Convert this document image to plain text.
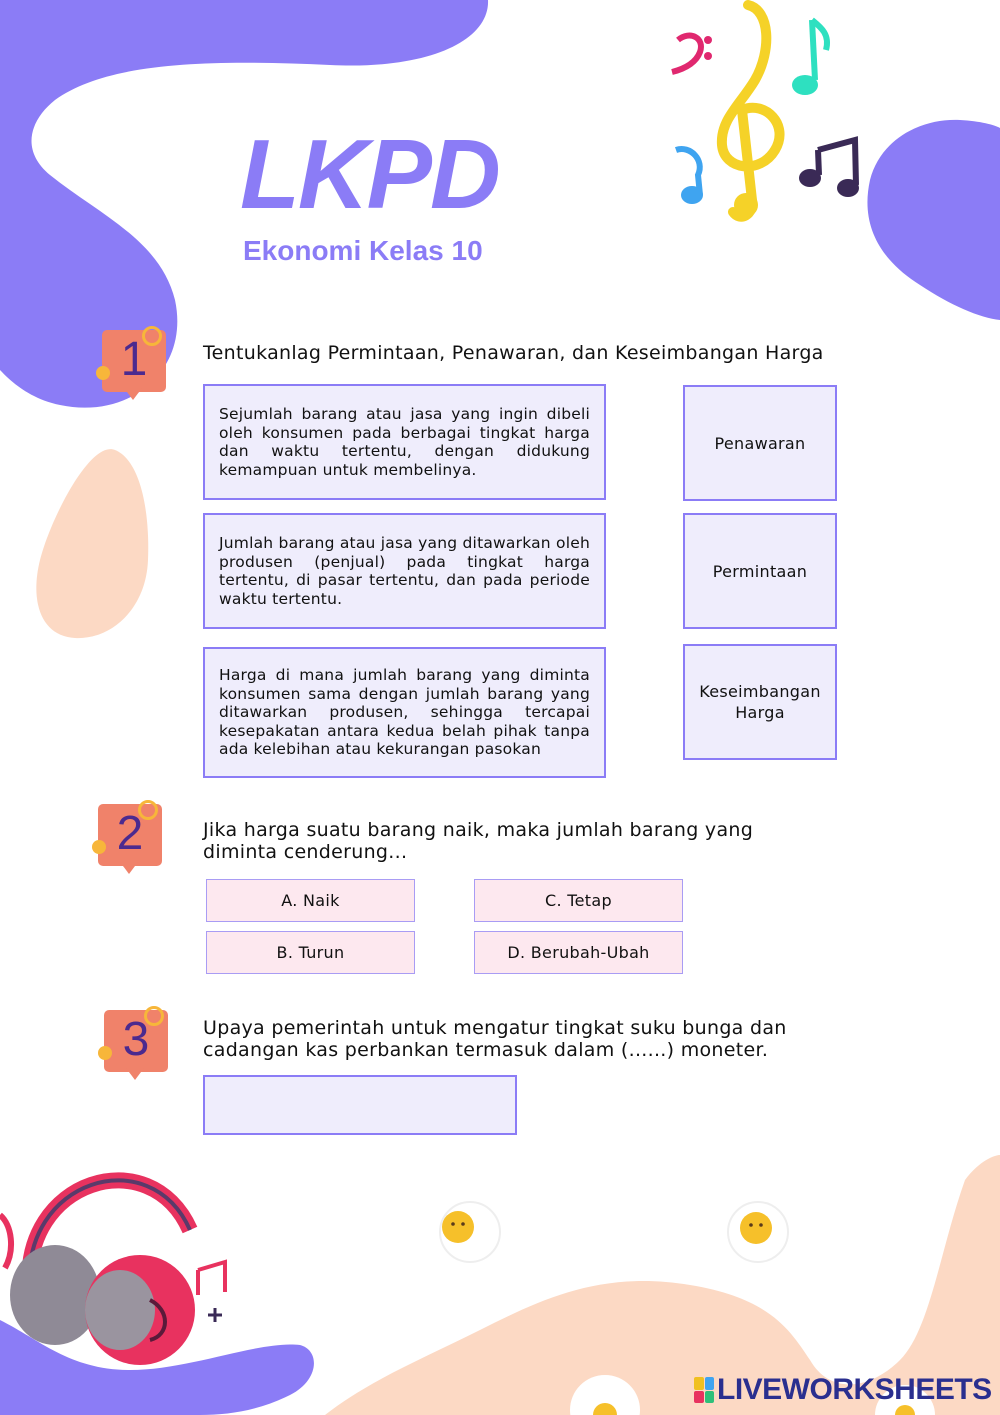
LKPD
Ekonomi Kelas 10
1	Tentukanlag Permintaan, Penawaran, dan Keseimbangan Harga
Sejumlah barang atau jasa yang ingin dibeli oleh konsumen pada berbagai tingkat harga dan waktu tertentu, dengan didukung kemampuan untuk membelinya.
Jumlah barang atau jasa yang ditawarkan oleh produsen (penjual) pada tingkat harga tertentu, di pasar tertentu, dan pada periode waktu tertentu.
Harga di mana jumlah barang yang diminta konsumen sama dengan jumlah barang yang ditawarkan produsen, sehingga tercapai kesepakatan antara kedua belah pihak tanpa ada kelebihan atau kekurangan pasokan
Penawaran
Permintaan
Keseimbangan Harga
2	Jika harga suatu barang naik, maka jumlah barang yang diminta cenderung...
A. Naik
B. Turun
C. Tetap
D. Berubah-Ubah
3	Upaya pemerintah untuk mengatur tingkat suku bunga dan cadangan kas perbankan termasuk dalam (......) moneter.
LIVEWORKSHEETS
